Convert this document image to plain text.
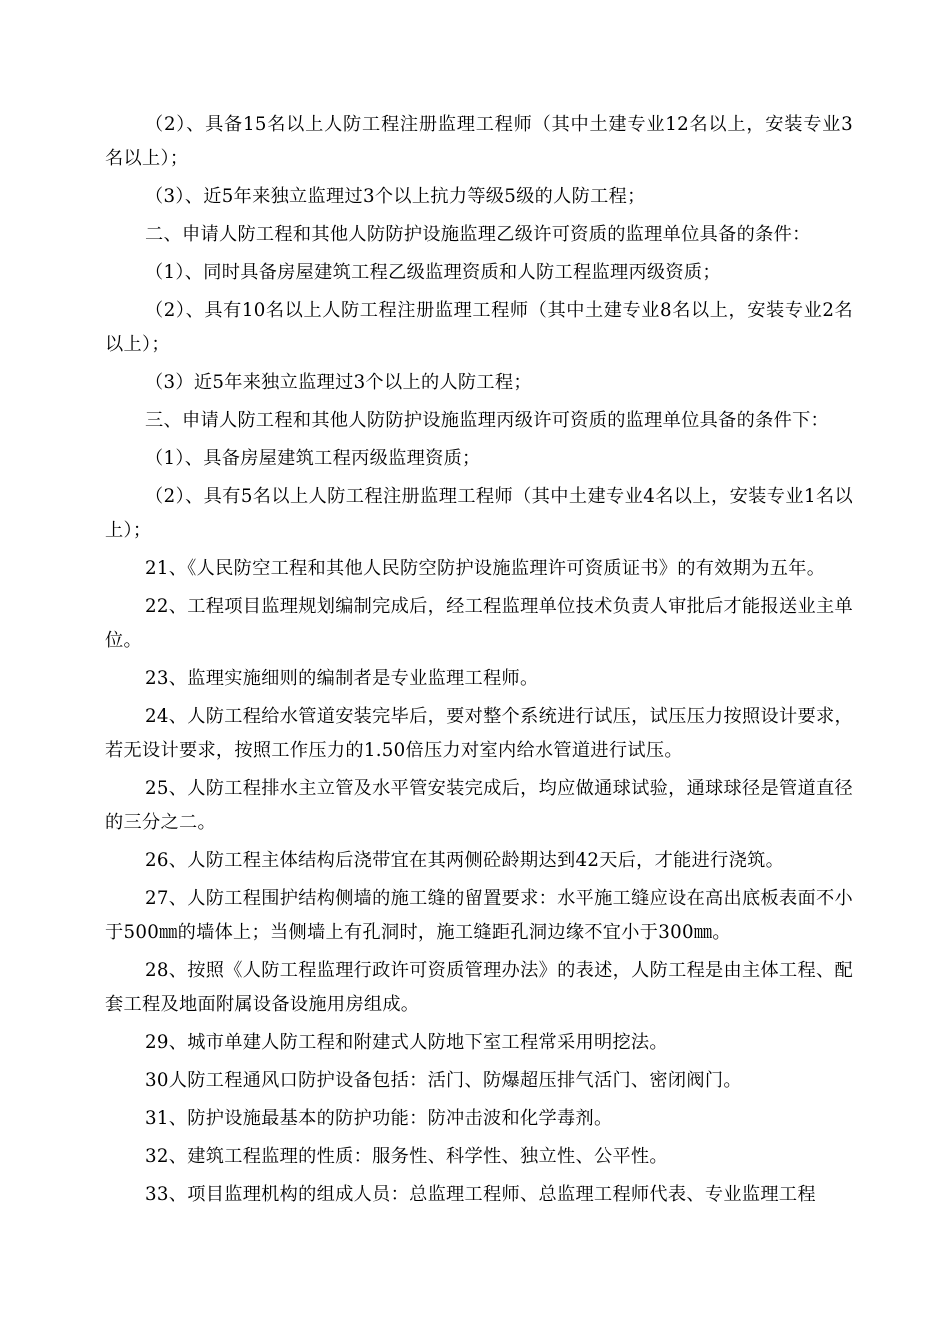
（2）、具备15名以上人防工程注册监理工程师（其中土建专业12名以上，安装专业3名以上）；

（3）、近5年来独立监理过3个以上抗力等级5级的人防工程；

二、申请人防工程和其他人防防护设施监理乙级许可资质的监理单位具备的条件：

（1）、同时具备房屋建筑工程乙级监理资质和人防工程监理丙级资质；

（2）、具有10名以上人防工程注册监理工程师（其中土建专业8名以上，安装专业2名以上）；

（3）近5年来独立监理过3个以上的人防工程；

三、申请人防工程和其他人防防护设施监理丙级许可资质的监理单位具备的条件下：

（1）、具备房屋建筑工程丙级监理资质；

（2）、具有5名以上人防工程注册监理工程师（其中土建专业4名以上，安装专业1名以上）；

21、《人民防空工程和其他人民防空防护设施监理许可资质证书》的有效期为五年。

22、工程项目监理规划编制完成后，经工程监理单位技术负责人审批后才能报送业主单位。

23、监理实施细则的编制者是专业监理工程师。

24、人防工程给水管道安装完毕后，要对整个系统进行试压，试压压力按照设计要求，若无设计要求，按照工作压力的1.50倍压力对室内给水管道进行试压。

25、人防工程排水主立管及水平管安装完成后，均应做通球试验，通球球径是管道直径的三分之二。

26、人防工程主体结构后浇带宜在其两侧砼龄期达到42天后，才能进行浇筑。

27、人防工程围护结构侧墙的施工缝的留置要求：水平施工缝应设在高出底板表面不小于500㎜的墙体上；当侧墙上有孔洞时，施工缝距孔洞边缘不宜小于300㎜。

28、按照《人防工程监理行政许可资质管理办法》的表述，人防工程是由主体工程、配套工程及地面附属设备设施用房组成。

29、城市单建人防工程和附建式人防地下室工程常采用明挖法。

30人防工程通风口防护设备包括：活门、防爆超压排气活门、密闭阀门。

31、防护设施最基本的防护功能：防冲击波和化学毒剂。

32、建筑工程监理的性质：服务性、科学性、独立性、公平性。

33、项目监理机构的组成人员：总监理工程师、总监理工程师代表、专业监理工程
